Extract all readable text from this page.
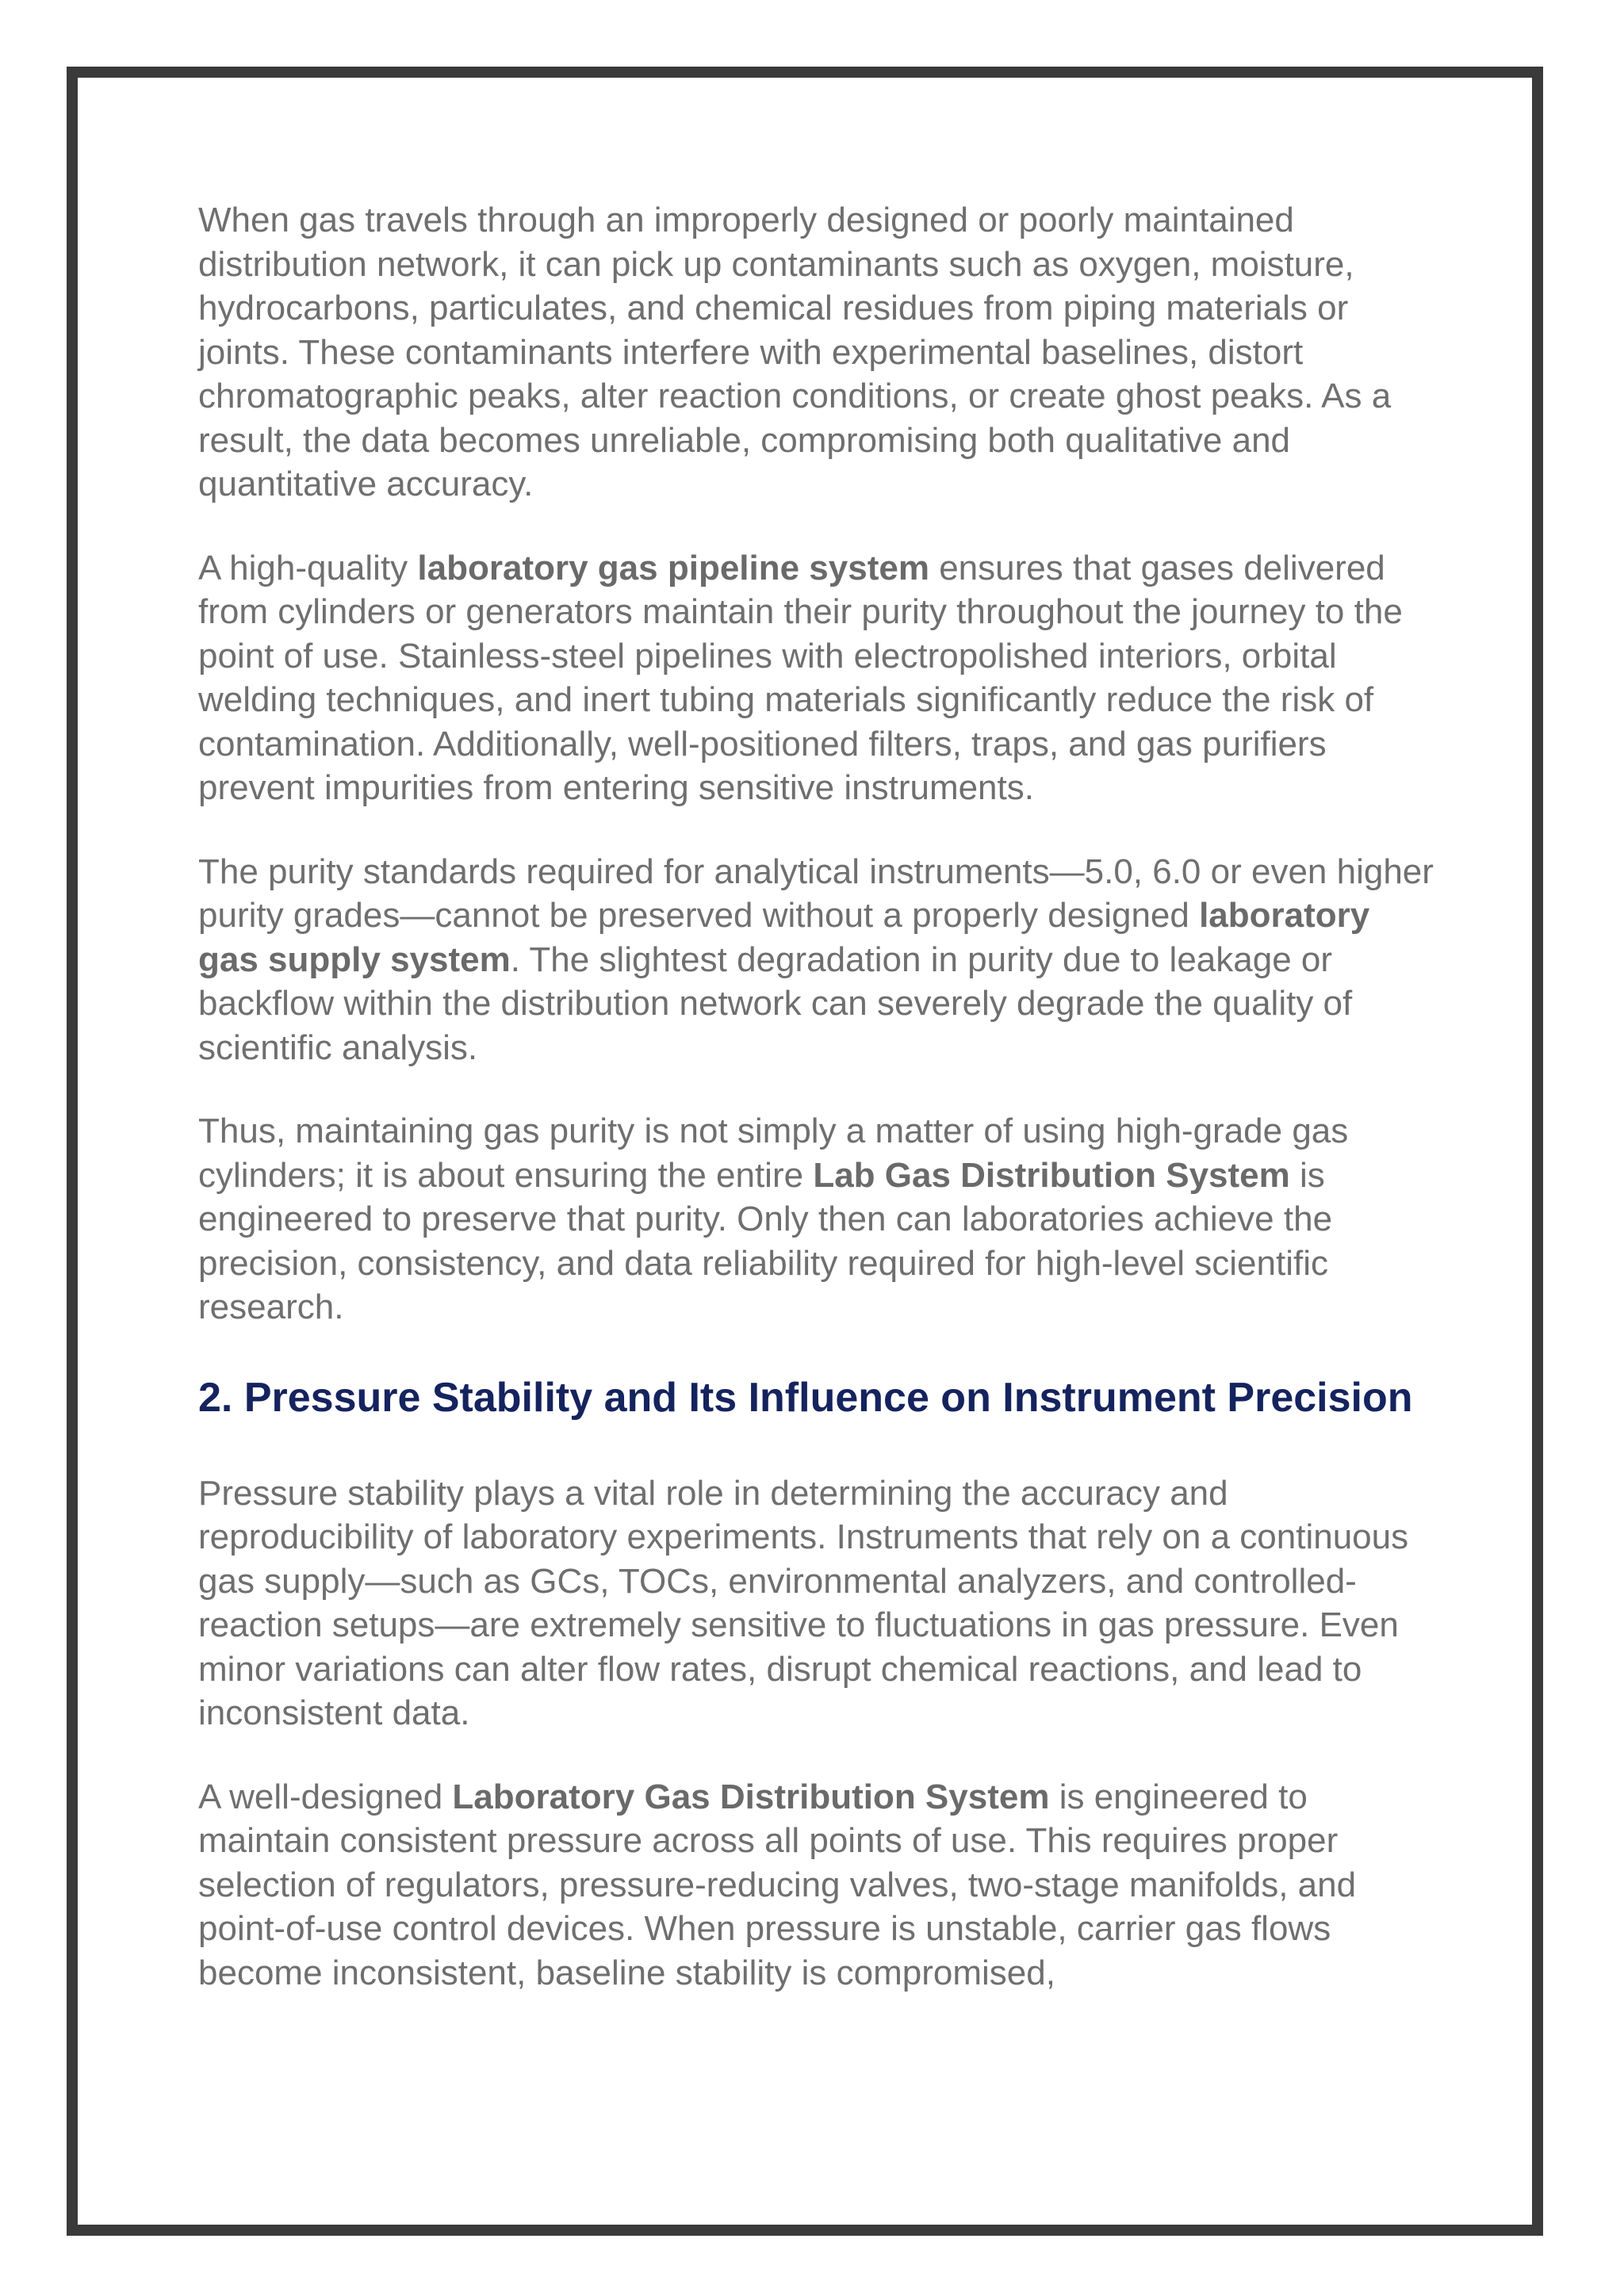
When gas travels through an improperly designed or poorly maintained distribution network, it can pick up contaminants such as oxygen, moisture, hydrocarbons, particulates, and chemical residues from piping materials or joints. These contaminants interfere with experimental baselines, distort chromatographic peaks, alter reaction conditions, or create ghost peaks. As a result, the data becomes unreliable, compromising both qualitative and quantitative accuracy.

A high-quality laboratory gas pipeline system ensures that gases delivered from cylinders or generators maintain their purity throughout the journey to the point of use. Stainless-steel pipelines with electropolished interiors, orbital welding techniques, and inert tubing materials significantly reduce the risk of contamination. Additionally, well-positioned filters, traps, and gas purifiers prevent impurities from entering sensitive instruments.

The purity standards required for analytical instruments—5.0, 6.0 or even higher purity grades—cannot be preserved without a properly designed laboratory gas supply system. The slightest degradation in purity due to leakage or backflow within the distribution network can severely degrade the quality of scientific analysis.

Thus, maintaining gas purity is not simply a matter of using high-grade gas cylinders; it is about ensuring the entire Lab Gas Distribution System is engineered to preserve that purity. Only then can laboratories achieve the precision, consistency, and data reliability required for high-level scientific research.

2. Pressure Stability and Its Influence on Instrument Precision

Pressure stability plays a vital role in determining the accuracy and reproducibility of laboratory experiments. Instruments that rely on a continuous gas supply—such as GCs, TOCs, environmental analyzers, and controlled-reaction setups—are extremely sensitive to fluctuations in gas pressure. Even minor variations can alter flow rates, disrupt chemical reactions, and lead to inconsistent data.

A well-designed Laboratory Gas Distribution System is engineered to maintain consistent pressure across all points of use. This requires proper selection of regulators, pressure-reducing valves, two-stage manifolds, and point-of-use control devices. When pressure is unstable, carrier gas flows become inconsistent, baseline stability is compromised,
